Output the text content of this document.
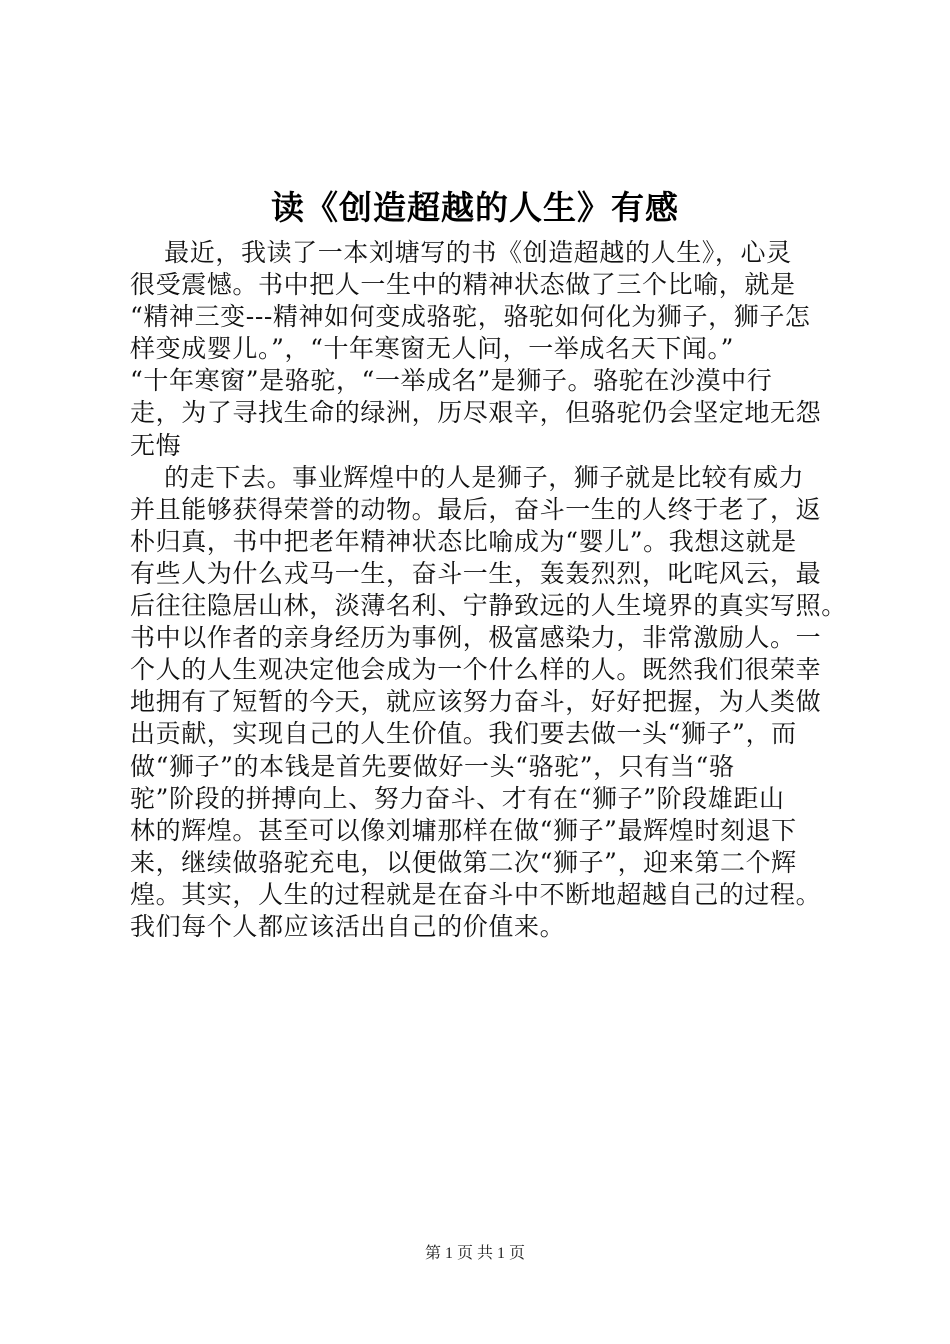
读《创造超越的人生》有感
最近，我读了一本刘塘写的书《创造超越的人生》，心灵
很受震憾。书中把人一生中的精神状态做了三个比喻，就是
“精神三变---精神如何变成骆驼，骆驼如何化为狮子，狮子怎
样变成婴儿。”，“十年寒窗无人问，一举成名天下闻。”
“十年寒窗”是骆驼，“一举成名”是狮子。骆驼在沙漠中行
走，为了寻找生命的绿洲，历尽艰辛，但骆驼仍会坚定地无怨
无悔
的走下去。事业辉煌中的人是狮子，狮子就是比较有威力
并且能够获得荣誉的动物。最后，奋斗一生的人终于老了，返
朴归真，书中把老年精神状态比喻成为“婴儿”。我想这就是
有些人为什么戎马一生，奋斗一生，轰轰烈烈，叱咤风云，最
后往往隐居山林，淡薄名利、宁静致远的人生境界的真实写照。
书中以作者的亲身经历为事例，极富感染力，非常激励人。一
个人的人生观决定他会成为一个什么样的人。既然我们很荣幸
地拥有了短暂的今天，就应该努力奋斗，好好把握，为人类做
出贡献，实现自己的人生价值。我们要去做一头“狮子”，而
做“狮子”的本钱是首先要做好一头“骆驼”，只有当“骆
驼”阶段的拼搏向上、努力奋斗、才有在“狮子”阶段雄距山
林的辉煌。甚至可以像刘墉那样在做“狮子”最辉煌时刻退下
来，继续做骆驼充电，以便做第二次“狮子”，迎来第二个辉
煌。其实，人生的过程就是在奋斗中不断地超越自己的过程。
我们每个人都应该活出自己的价值来。
第 1 页 共 1 页
